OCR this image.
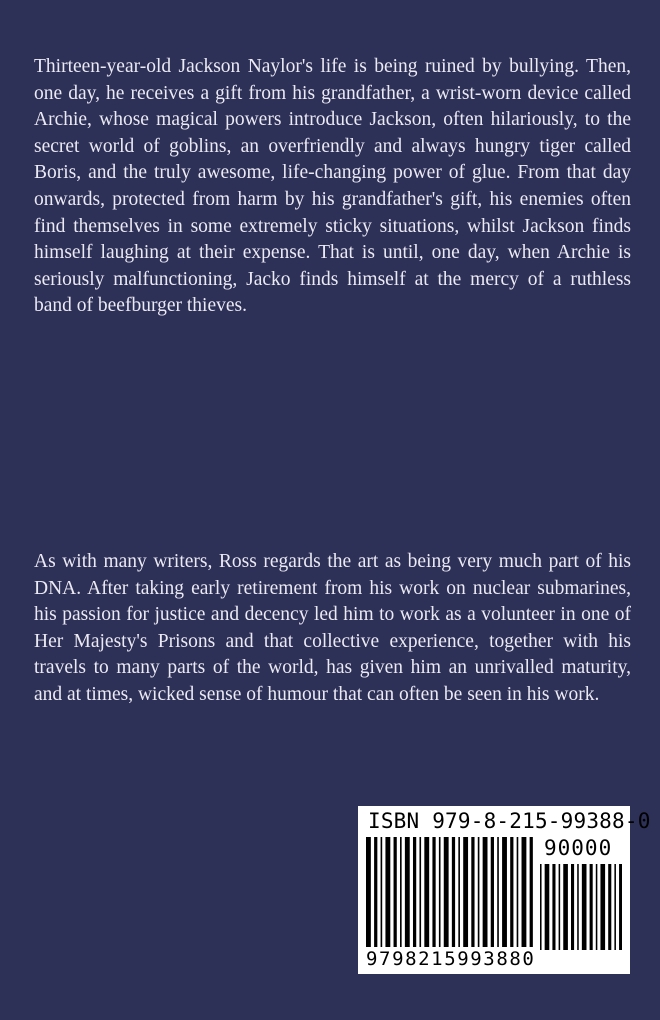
Thirteen-year-old Jackson Naylor's life is being ruined by bullying. Then, one day, he receives a gift from his grandfather, a wrist-worn device called Archie, whose magical powers introduce Jackson, often hilariously, to the secret world of goblins, an overfriendly and always hungry tiger called Boris, and the truly awesome, life-changing power of glue. From that day onwards, protected from harm by his grandfather's gift, his enemies often find themselves in some extremely sticky situations, whilst Jackson finds himself laughing at their expense. That is until, one day, when Archie is seriously malfunctioning, Jacko finds himself at the mercy of a ruthless band of beefburger thieves.

As with many writers, Ross regards the art as being very much part of his DNA. After taking early retirement from his work on nuclear submarines, his passion for justice and decency led him to work as a volunteer in one of Her Majesty's Prisons and that collective experience, together with his travels to many parts of the world, has given him an unrivalled maturity, and at times, wicked sense of humour that can often be seen in his work.

ISBN 979-8-215-99388-0
90000
9 7 9 8 2 1 5 9 9 3 8 8 0
